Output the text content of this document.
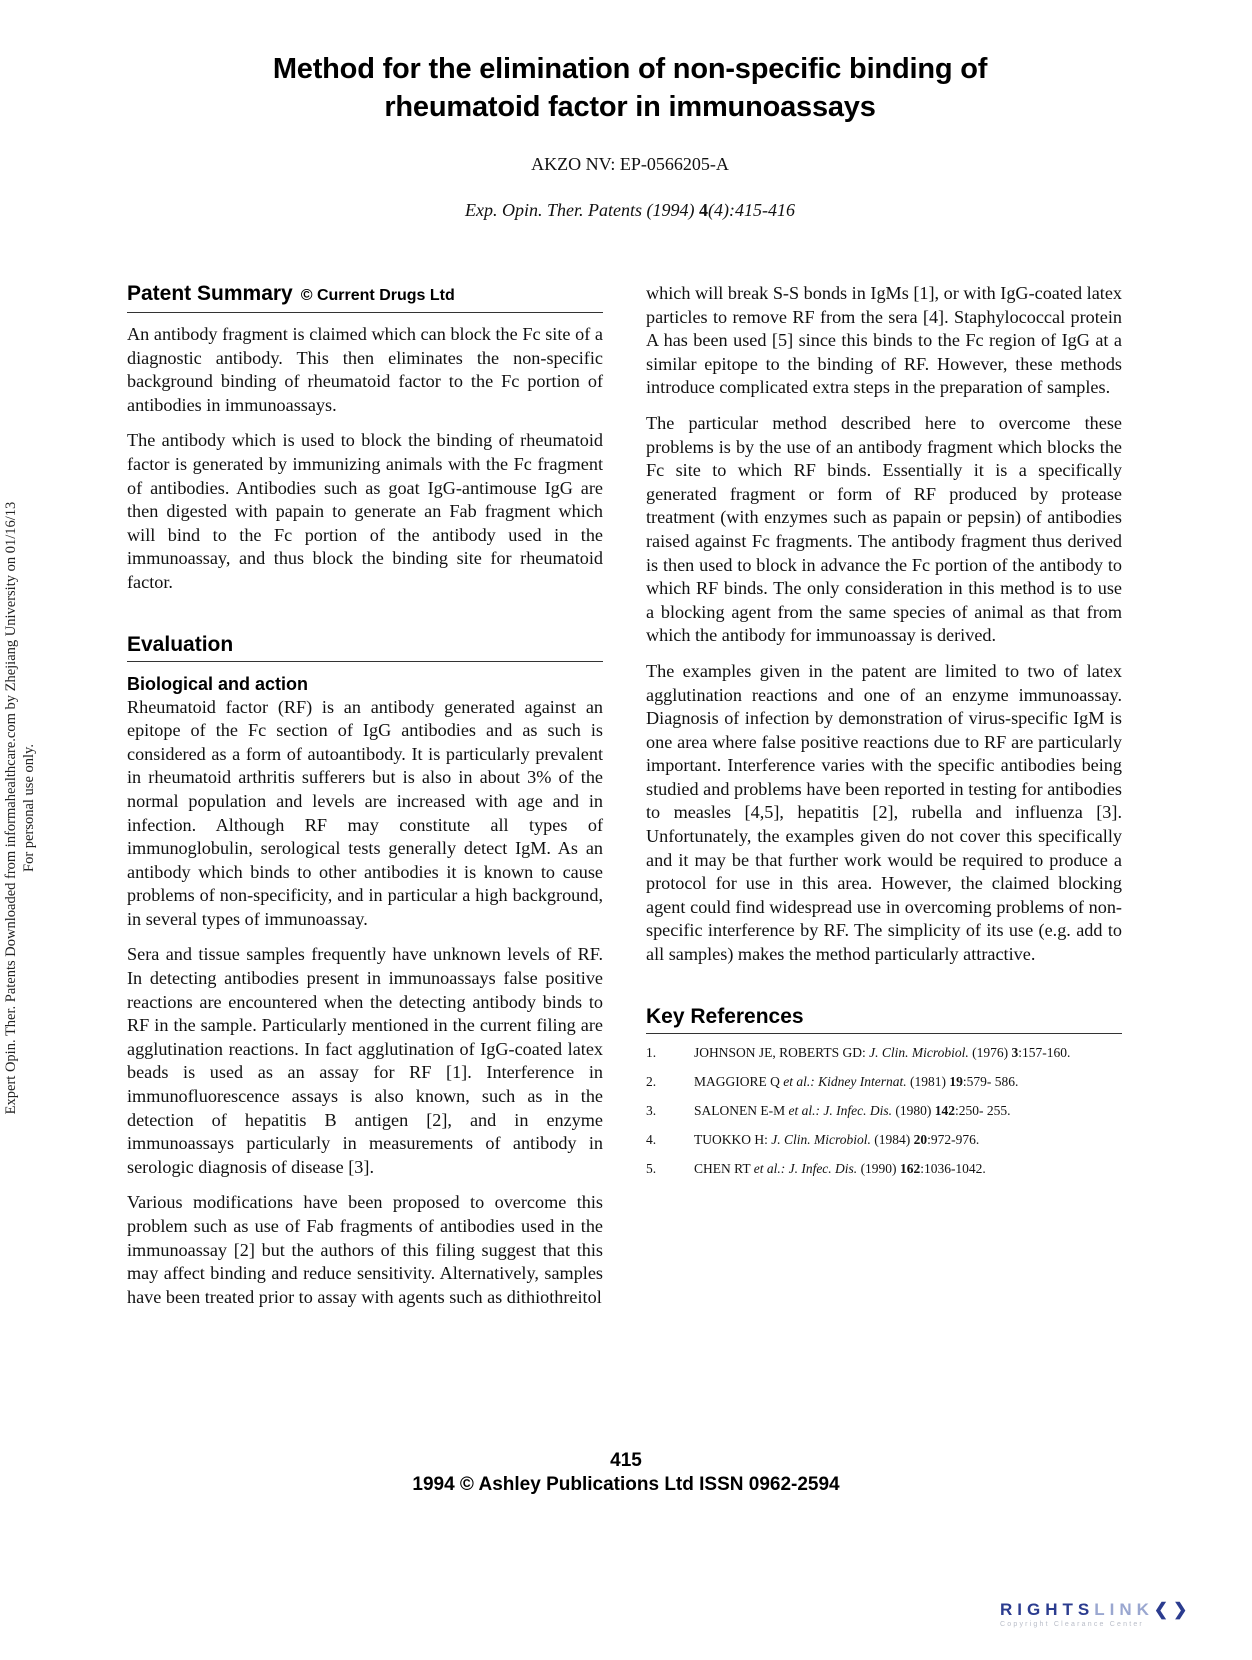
Method for the elimination of non-specific binding of
rheumatoid factor in immunoassays
AKZO NV: EP-0566205-A
Exp. Opin. Ther. Patents (1994) 4(4):415-416
Expert Opin. Ther. Patents Downloaded from informahealthcare.com by Zhejiang University on 01/16/13 For personal use only.
Patent Summary © Current Drugs Ltd

An antibody fragment is claimed which can block the Fc site of a diagnostic antibody. This then eliminates the non-specific background binding of rheumatoid factor to the Fc portion of antibodies in immunoassays.

The antibody which is used to block the binding of rheumatoid factor is generated by immunizing animals with the Fc fragment of antibodies. Antibodies such as goat IgG-antimouse IgG are then digested with papain to generate an Fab fragment which will bind to the Fc portion of the antibody used in the immunoassay, and thus block the binding site for rheumatoid factor.

Evaluation
Biological and action

Rheumatoid factor (RF) is an antibody generated against an epitope of the Fc section of IgG antibodies and as such is considered as a form of autoantibody. It is particularly prevalent in rheumatoid arthritis sufferers but is also in about 3% of the normal population and levels are increased with age and in infection. Although RF may constitute all types of immunoglobulin, serological tests generally detect IgM. As an antibody which binds to other antibodies it is known to cause problems of non-specificity, and in particular a high background, in several types of immunoassay.

Sera and tissue samples frequently have unknown levels of RF. In detecting antibodies present in immunoassays false positive reactions are encountered when the detecting antibody binds to RF in the sample. Particularly mentioned in the current filing are agglutination reactions. In fact agglutination of IgG-coated latex beads is used as an assay for RF [1]. Interference in immunofluorescence assays is also known, such as in the detection of hepatitis B antigen [2], and in enzyme immunoassays particularly in measurements of antibody in serologic diagnosis of disease [3].

Various modifications have been proposed to overcome this problem such as use of Fab fragments of antibodies used in the immunoassay [2] but the authors of this filing suggest that this may affect binding and reduce sensitivity. Alternatively, samples have been treated prior to assay with agents such as dithiothreitol

which will break S-S bonds in IgMs [1], or with IgG-coated latex particles to remove RF from the sera [4]. Staphylococcal protein A has been used [5] since this binds to the Fc region of IgG at a similar epitope to the binding of RF. However, these methods introduce complicated extra steps in the preparation of samples.

The particular method described here to overcome these problems is by the use of an antibody fragment which blocks the Fc site to which RF binds. Essentially it is a specifically generated fragment or form of RF produced by protease treatment (with enzymes such as papain or pepsin) of antibodies raised against Fc fragments. The antibody fragment thus derived is then used to block in advance the Fc portion of the antibody to which RF binds. The only consideration in this method is to use a blocking agent from the same species of animal as that from which the antibody for immunoassay is derived.

The examples given in the patent are limited to two of latex agglutination reactions and one of an enzyme immunoassay. Diagnosis of infection by demonstration of virus-specific IgM is one area where false positive reactions due to RF are particularly important. Interference varies with the specific antibodies being studied and problems have been reported in testing for antibodies to measles [4,5], hepatitis [2], rubella and influenza [3]. Unfortunately, the examples given do not cover this specifically and it may be that further work would be required to produce a protocol for use in this area. However, the claimed blocking agent could find widespread use in overcoming problems of non-specific interference by RF. The simplicity of its use (e.g. add to all samples) makes the method particularly attractive.

Key References
1.	JOHNSON JE, ROBERTS GD: J. Clin. Microbiol. (1976) 3:157-160.
2.	MAGGIORE Q et al.: Kidney Internat. (1981) 19:579- 586.
3.	SALONEN E-M et al.: J. Infec. Dis. (1980) 142:250- 255.
4.	TUOKKO H: J. Clin. Microbiol. (1984) 20:972-976.
5.	CHEN RT et al.: J. Infec. Dis. (1990) 162:1036-1042.
415
1994 © Ashley Publications Ltd ISSN 0962-2594
RIGHTSLINK❮❯
Copyright Clearance Center
